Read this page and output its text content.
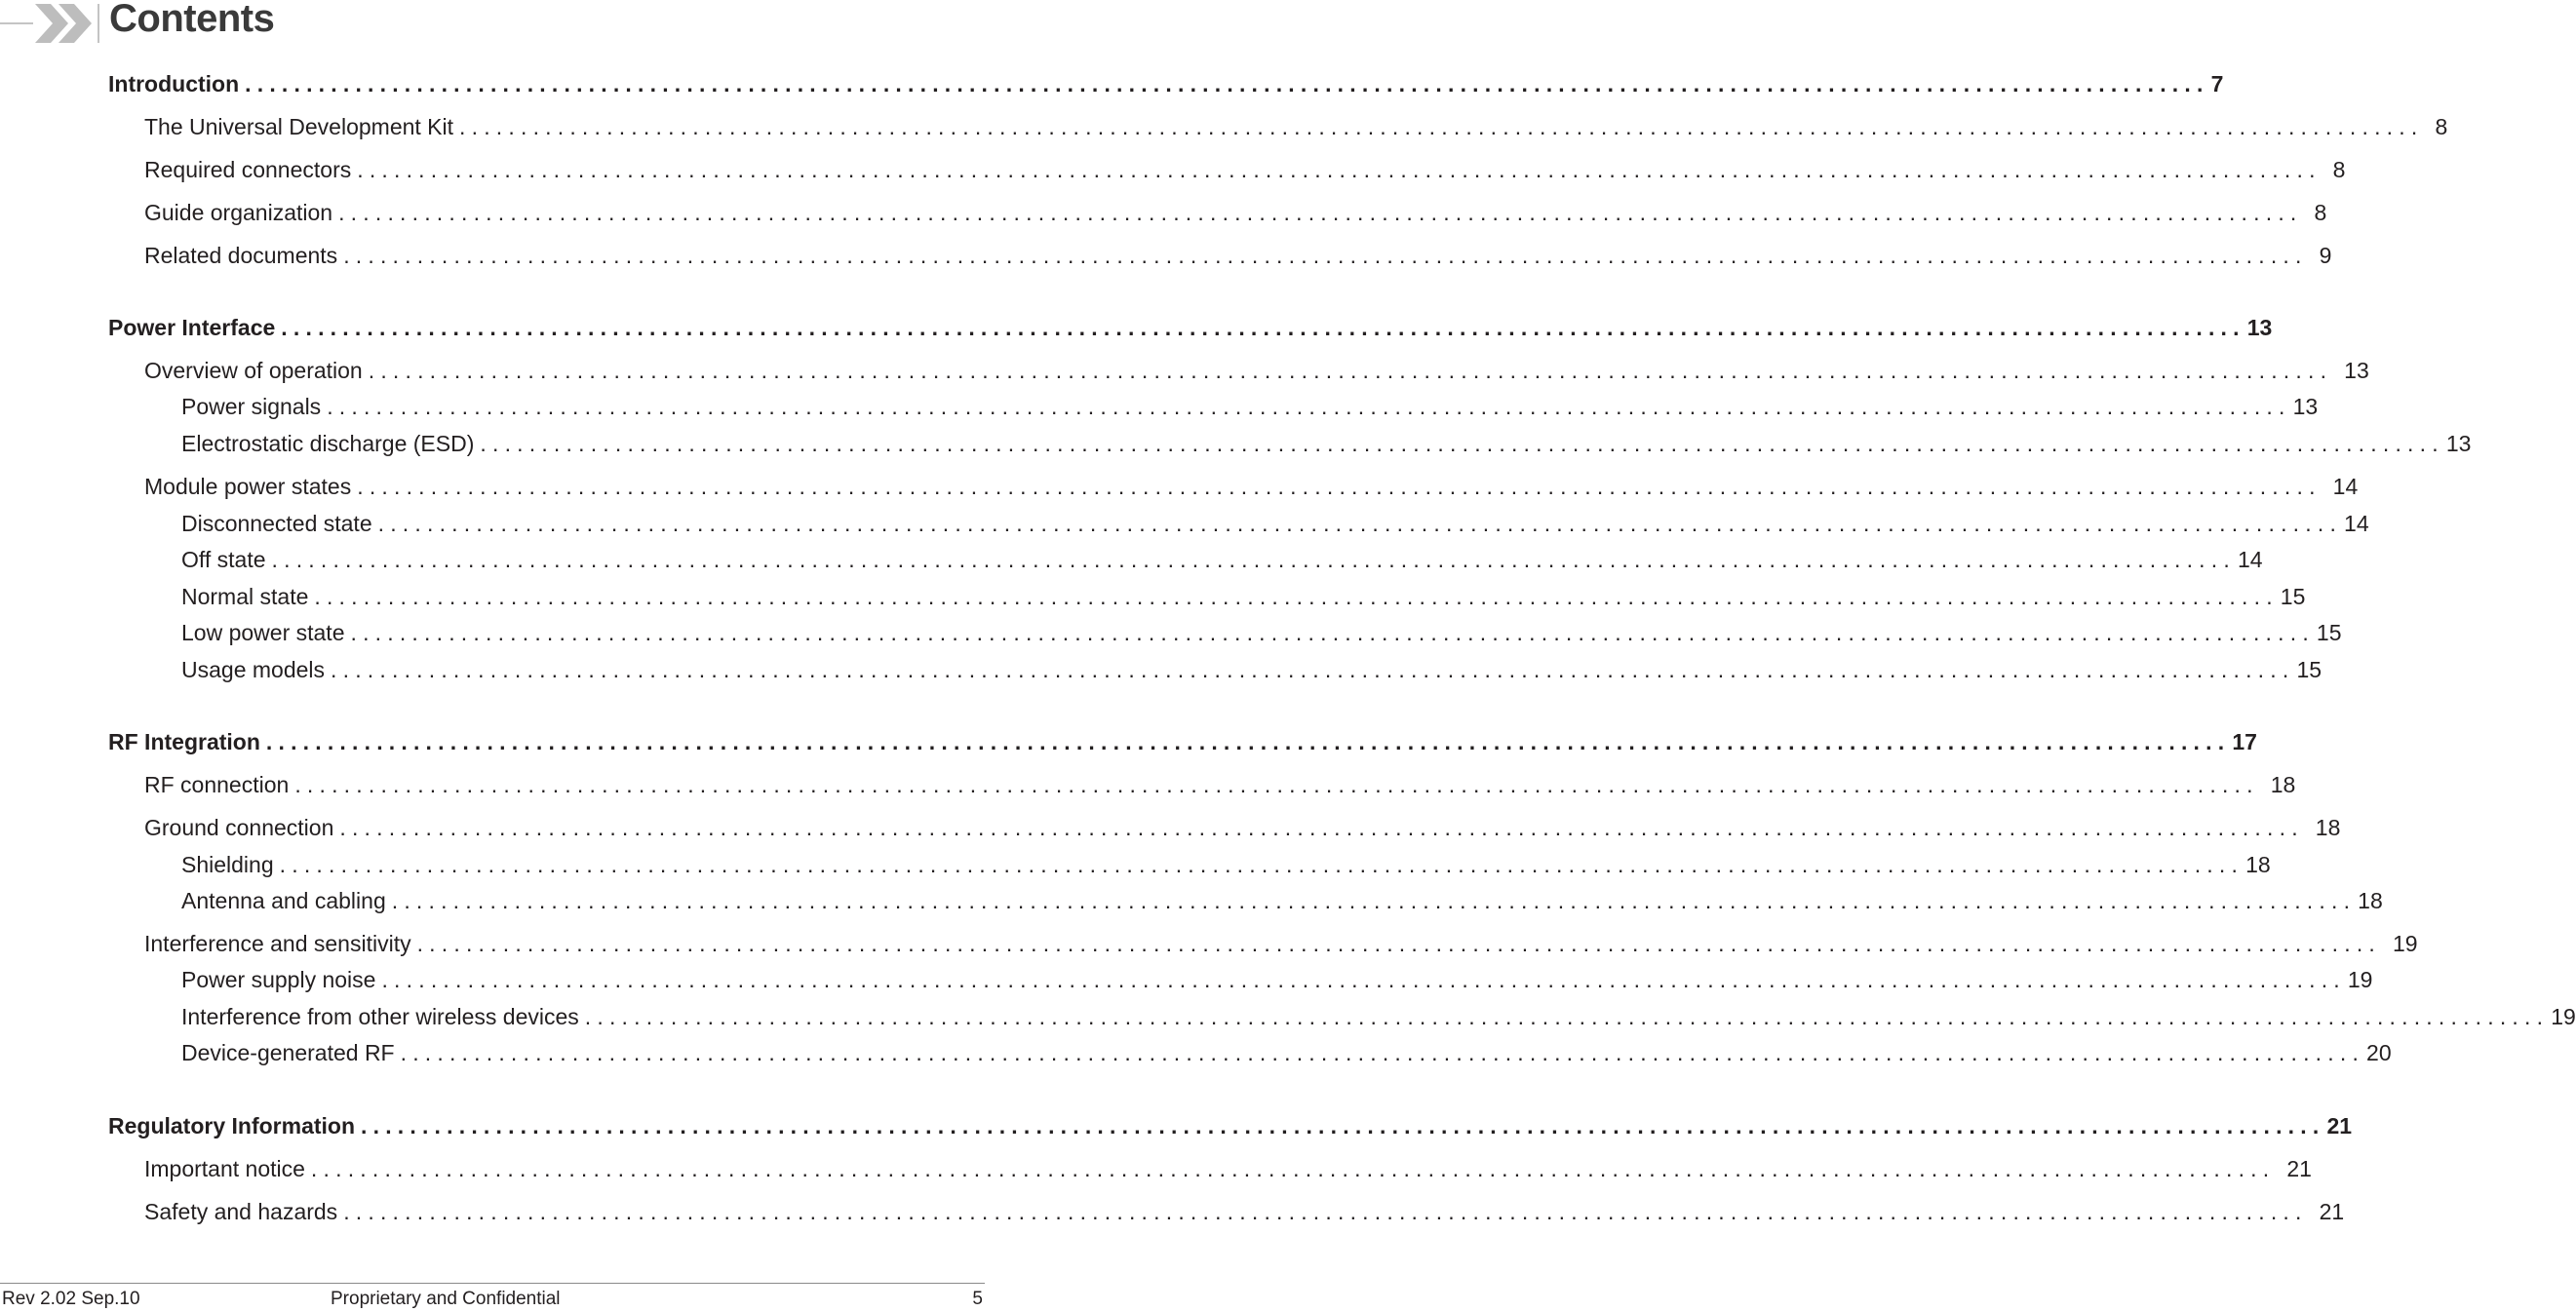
Contents
Introduction ................................................................................................................................................................ 7
The Universal Development Kit ................................................................................................................................................................ 8
Required connectors ................................................................................................................................................................ 8
Guide organization ................................................................................................................................................................ 8
Related documents ................................................................................................................................................................ 9
Power Interface ................................................................................................................................................................ 13
Overview of operation ................................................................................................................................................................ 13
Power signals ................................................................................................................................................................ 13
Electrostatic discharge (ESD) ................................................................................................................................................................ 13
Module power states ................................................................................................................................................................ 14
Disconnected state ................................................................................................................................................................ 14
Off state ................................................................................................................................................................ 14
Normal state ................................................................................................................................................................ 15
Low power state ................................................................................................................................................................ 15
Usage models ................................................................................................................................................................ 15
RF Integration ................................................................................................................................................................ 17
RF connection ................................................................................................................................................................ 18
Ground connection ................................................................................................................................................................ 18
Shielding ................................................................................................................................................................ 18
Antenna and cabling ................................................................................................................................................................ 18
Interference and sensitivity ................................................................................................................................................................ 19
Power supply noise ................................................................................................................................................................ 19
Interference from other wireless devices ................................................................................................................................................................ 19
Device-generated RF ................................................................................................................................................................ 20
Regulatory Information ................................................................................................................................................................ 21
Important notice ................................................................................................................................................................ 21
Safety and hazards ................................................................................................................................................................ 21
Rev 2.02 Sep.10	Proprietary and Confidential	5
